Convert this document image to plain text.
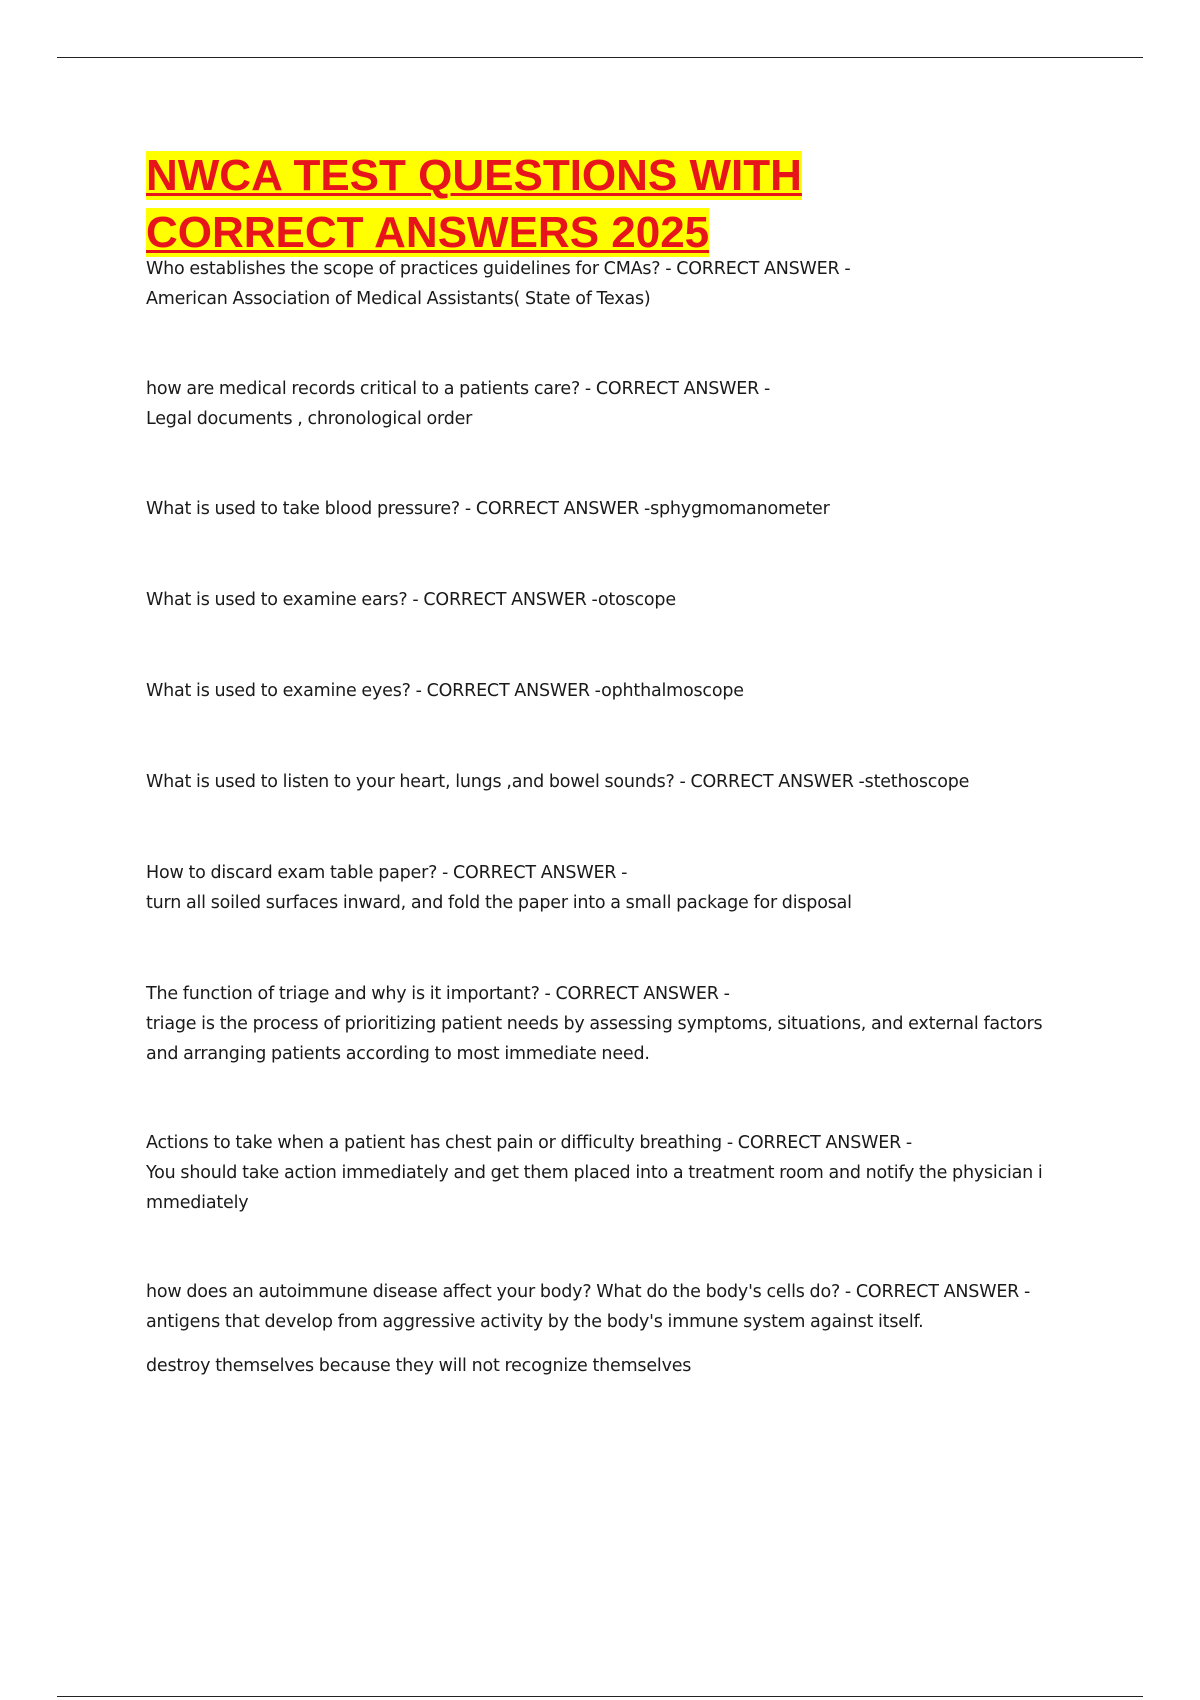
NWCA TEST QUESTIONS WITH
CORRECT ANSWERS 2025
Who establishes the scope of practices guidelines for CMAs? - CORRECT ANSWER -
American Association of Medical Assistants( State of Texas)
how are medical records critical to a patients care? - CORRECT ANSWER -
Legal documents , chronological order
What is used to take blood pressure? - CORRECT ANSWER -sphygmomanometer
What is used to examine ears? - CORRECT ANSWER -otoscope
What is used to examine eyes? - CORRECT ANSWER -ophthalmoscope
What is used to listen to your heart, lungs ,and bowel sounds? - CORRECT ANSWER -stethoscope
How to discard exam table paper? - CORRECT ANSWER -
turn all soiled surfaces inward, and fold the paper into a small package for disposal
The function of triage and why is it important? - CORRECT ANSWER -
triage is the process of prioritizing patient needs by assessing symptoms, situations, and external factors
and arranging patients according to most immediate need.
Actions to take when a patient has chest pain or difficulty breathing - CORRECT ANSWER -
You should take action immediately and get them placed into a treatment room and notify the physician i
mmediately
how does an autoimmune disease affect your body? What do the body's cells do? - CORRECT ANSWER -
antigens that develop from aggressive activity by the body's immune system against itself.
destroy themselves because they will not recognize themselves
